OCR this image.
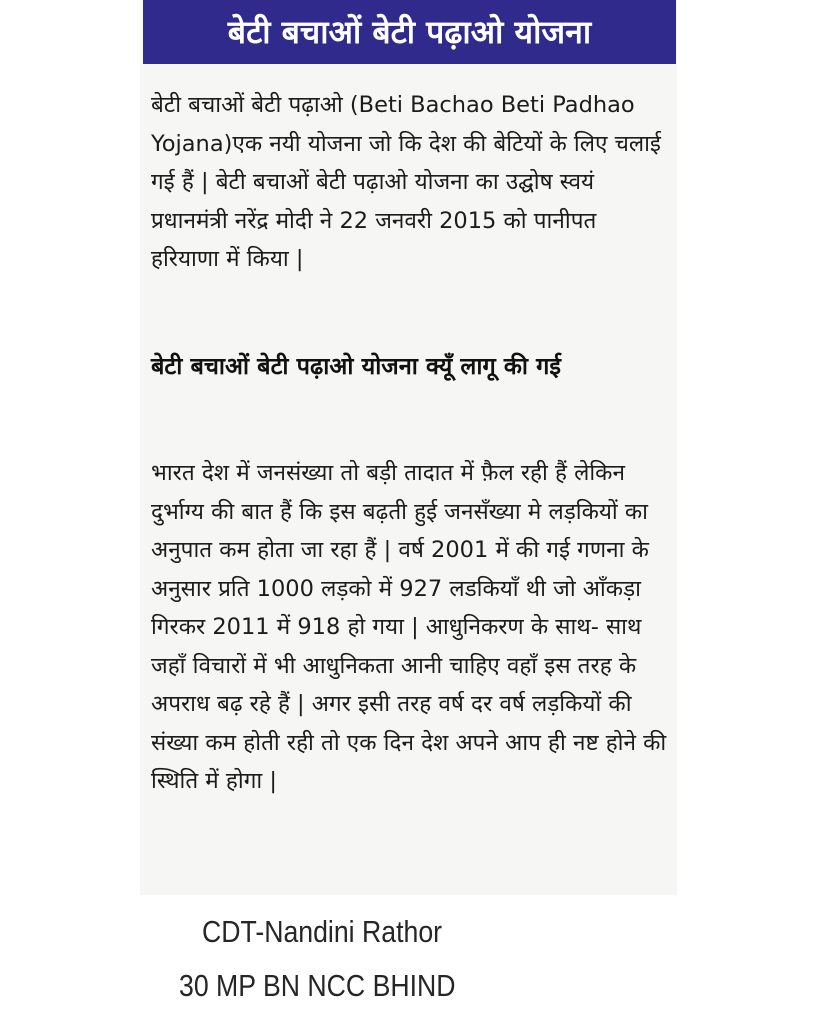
बेटी बचाओं बेटी पढ़ाओ योजना

बेटी बचाओं बेटी पढ़ाओ (Beti Bachao Beti Padhao Yojana)एक नयी योजना जो कि देश की बेटियों के लिए चलाई गई हैं | बेटी बचाओं बेटी पढ़ाओ योजना का उद्घोष स्वयं प्रधानमंत्री नरेंद्र मोदी ने 22 जनवरी 2015 को पानीपत हरियाणा में किया |

बेटी बचाओं बेटी पढ़ाओ योजना क्यूँ लागू की गई

भारत देश में जनसंख्या तो बड़ी तादात में फ़ैल रही हैं लेकिन दुर्भाग्य की बात हैं कि इस बढ़ती हुई जनसँख्या मे लड़कियों का अनुपात कम होता जा रहा हैं | वर्ष 2001 में की गई गणना के अनुसार प्रति 1000 लड़को में 927 लडकियाँ थी जो आँकड़ा गिरकर 2011 में 918 हो गया | आधुनिकरण के साथ- साथ जहाँ विचारों में भी आधुनिकता आनी चाहिए वहाँ इस तरह के अपराध बढ़ रहे हैं | अगर इसी तरह वर्ष दर वर्ष लड़कियों की संख्या कम होती रही तो एक दिन देश अपने आप ही नष्ट होने की स्थिति में होगा |

CDT-Nandini Rathor

30 MP BN NCC BHIND
